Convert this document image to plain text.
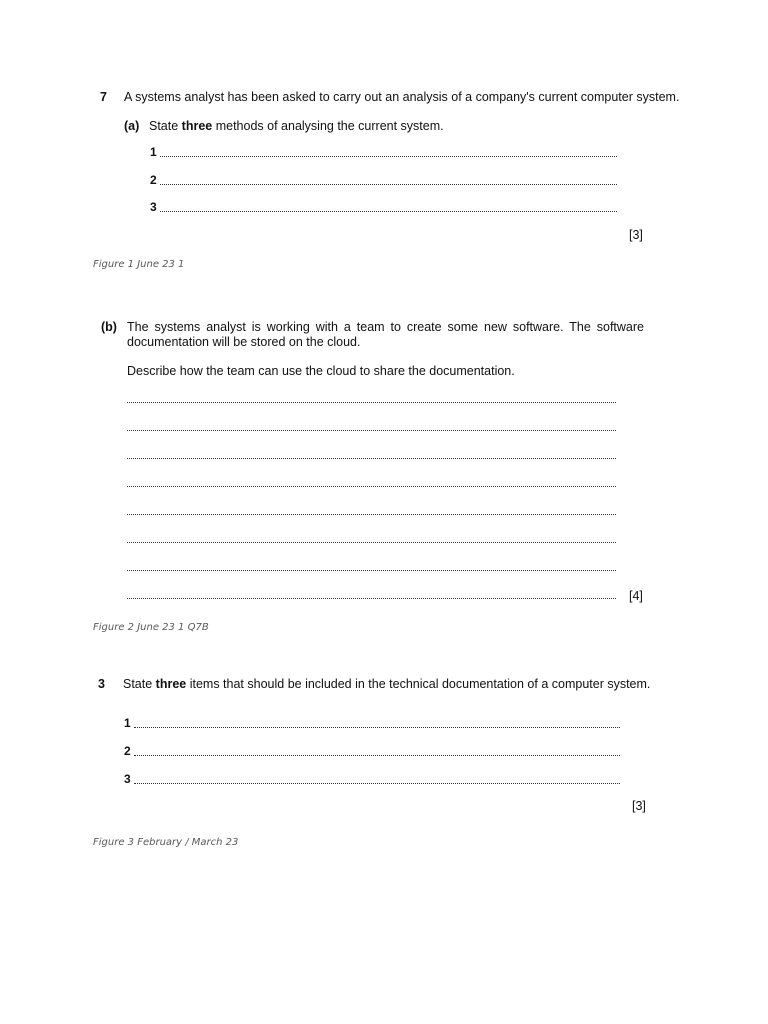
7 A systems analyst has been asked to carry out an analysis of a company's current computer system.
(a) State three methods of analysing the current system.
1
2
3
[3]
Figure 1 June 23 1
(b) The systems analyst is working with a team to create some new software. The software documentation will be stored on the cloud.
Describe how the team can use the cloud to share the documentation.
[4]
Figure 2 June 23 1 Q7B
3 State three items that should be included in the technical documentation of a computer system.
1
2
3
[3]
Figure 3 February / March 23
